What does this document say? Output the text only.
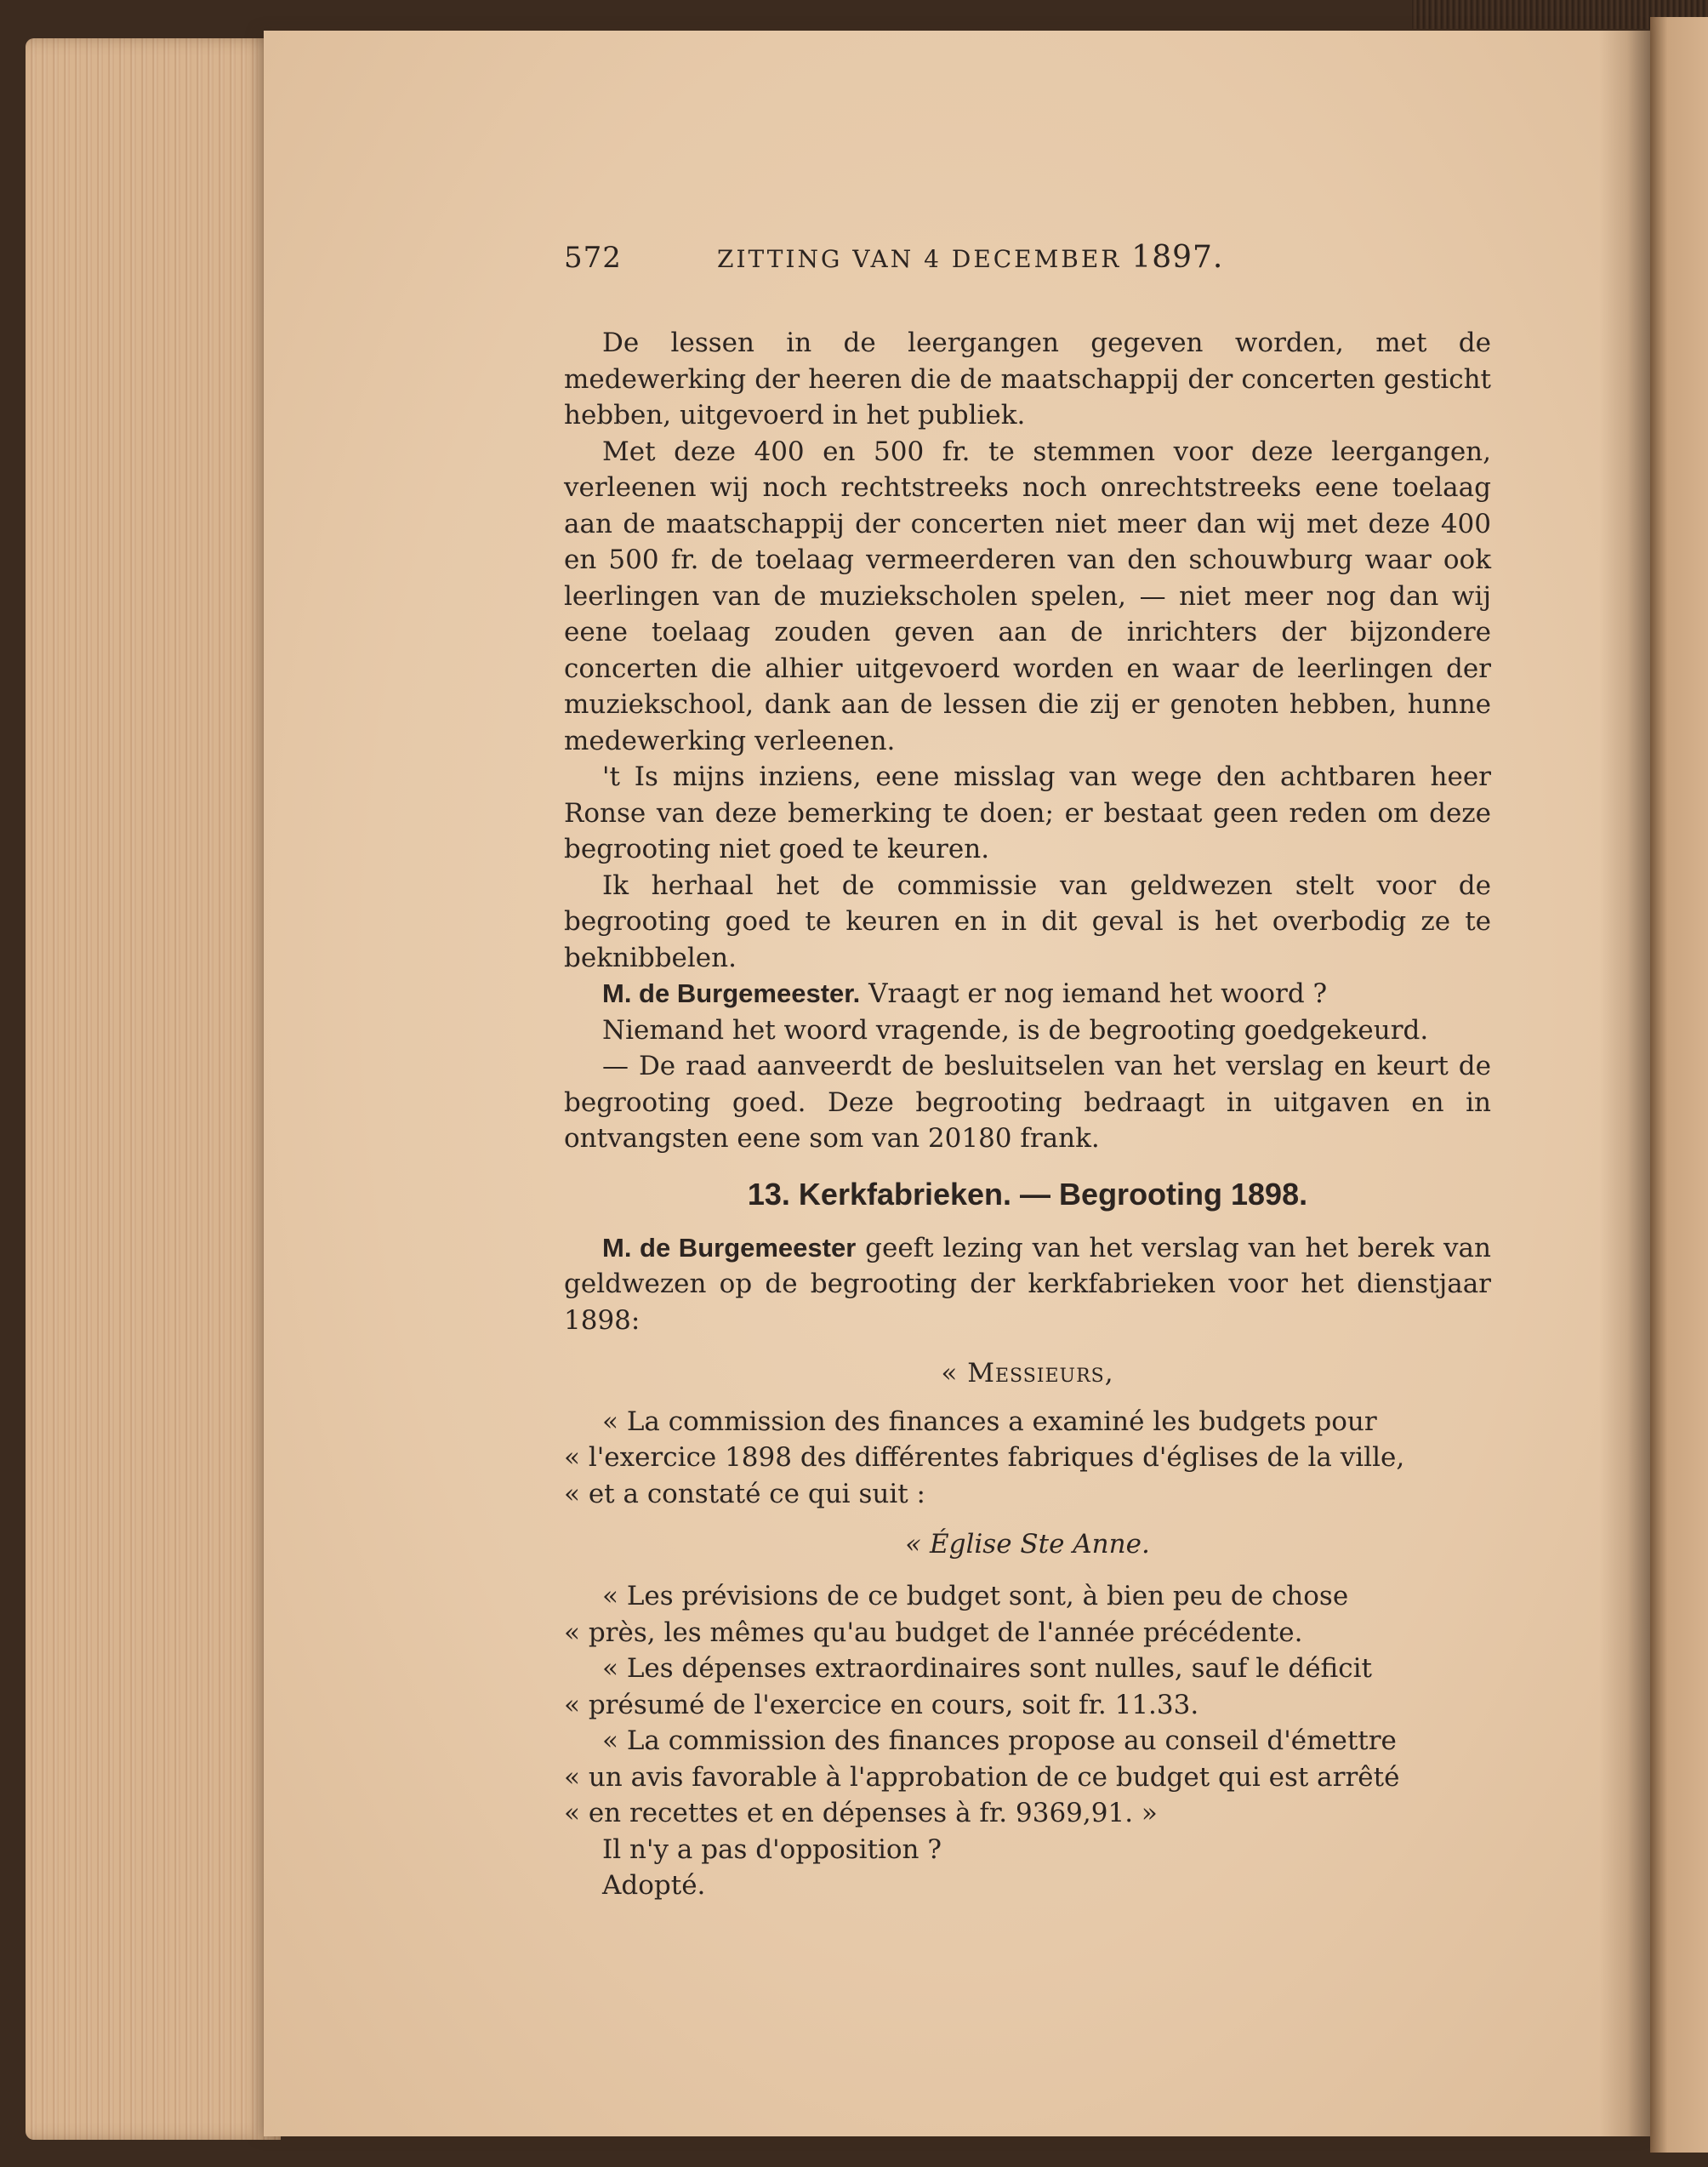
572	ZITTING VAN 4 DECEMBER 1897.

De lessen in de leergangen gegeven worden, met de medewerking der heeren die de maatschappij der concerten gesticht hebben, uitgevoerd in het publiek.

Met deze 400 en 500 fr. te stemmen voor deze leergangen, verleenen wij noch rechtstreeks noch onrechtstreeks eene toelaag aan de maatschappij der concerten niet meer dan wij met deze 400 en 500 fr. de toelaag vermeerderen van den schouwburg waar ook leerlingen van de muziekscholen spelen, — niet meer nog dan wij eene toelaag zouden geven aan de inrichters der bijzondere concerten die alhier uitgevoerd worden en waar de leerlingen der muziekschool, dank aan de lessen die zij er genoten hebben, hunne medewerking verleenen.

't Is mijns inziens, eene misslag van wege den achtbaren heer Ronse van deze bemerking te doen; er bestaat geen reden om deze begrooting niet goed te keuren.

Ik herhaal het de commissie van geldwezen stelt voor de begrooting goed te keuren en in dit geval is het overbodig ze te beknibbelen.

M. de Burgemeester. Vraagt er nog iemand het woord ?

Niemand het woord vragende, is de begrooting goedgekeurd.

— De raad aanveerdt de besluitselen van het verslag en keurt de begrooting goed. Deze begrooting bedraagt in uitgaven en in ontvangsten eene som van 20180 frank.

13. Kerkfabrieken. — Begrooting 1898.

M. de Burgemeester geeft lezing van het verslag van het berek van geldwezen op de begrooting der kerkfabrieken voor het dienstjaar 1898:

« Messieurs,
« La commission des finances a examiné les budgets pour
« l'exercice 1898 des différentes fabriques d'églises de la ville,
« et a constaté ce qui suit :
« Église Ste Anne.
« Les prévisions de ce budget sont, à bien peu de chose
« près, les mêmes qu'au budget de l'année précédente.
« Les dépenses extraordinaires sont nulles, sauf le déficit
« présumé de l'exercice en cours, soit fr. 11.33.
« La commission des finances propose au conseil d'émettre
« un avis favorable à l'approbation de ce budget qui est arrêté
« en recettes et en dépenses à fr. 9369,91. »
Il n'y a pas d'opposition ?
Adopté.
